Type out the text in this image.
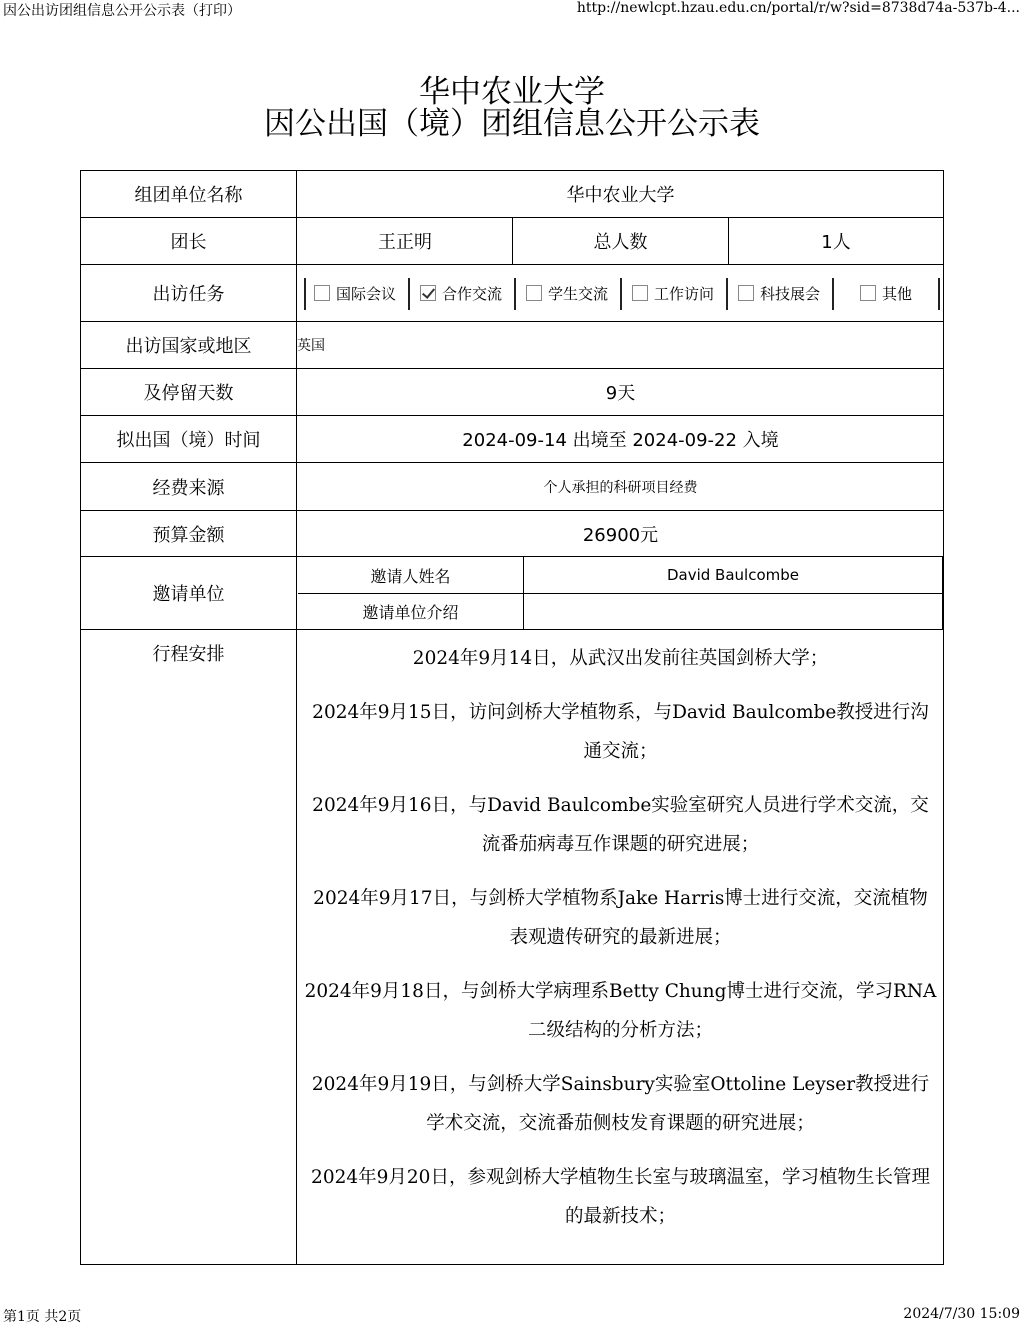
因公出访团组信息公开公示表（打印）	http://newlcpt.hzau.edu.cn/portal/r/w?sid=8738d74a-537b-4...
华中农业大学
因公出国（境）团组信息公开公示表
组团单位名称	华中农业大学
团长	王正明	总人数	1人
出访任务	国际会议	合作交流	学生交流	工作访问	科技展会	其他
出访国家或地区	英国
及停留天数	9天
拟出国（境）时间	2024-09-14 出境至 2024-09-22 入境
经费来源	个人承担的科研项目经费
预算金额	26900元
邀请单位
邀请人姓名	David Baulcombe
邀请单位介绍
行程安排	2024年9月14日，从武汉出发前往英国剑桥大学；
2024年9月15日，访问剑桥大学植物系，与David Baulcombe教授进行沟通交流；
2024年9月16日，与David Baulcombe实验室研究人员进行学术交流，交流番茄病毒互作课题的研究进展；
2024年9月17日，与剑桥大学植物系Jake Harris博士进行交流，交流植物表观遗传研究的最新进展；
2024年9月18日，与剑桥大学病理系Betty Chung博士进行交流，学习RNA二级结构的分析方法；
2024年9月19日，与剑桥大学Sainsbury实验室Ottoline Leyser教授进行学术交流，交流番茄侧枝发育课题的研究进展；
2024年9月20日，参观剑桥大学植物生长室与玻璃温室，学习植物生长管理的最新技术；
第1页 共2页	2024/7/30 15:09
